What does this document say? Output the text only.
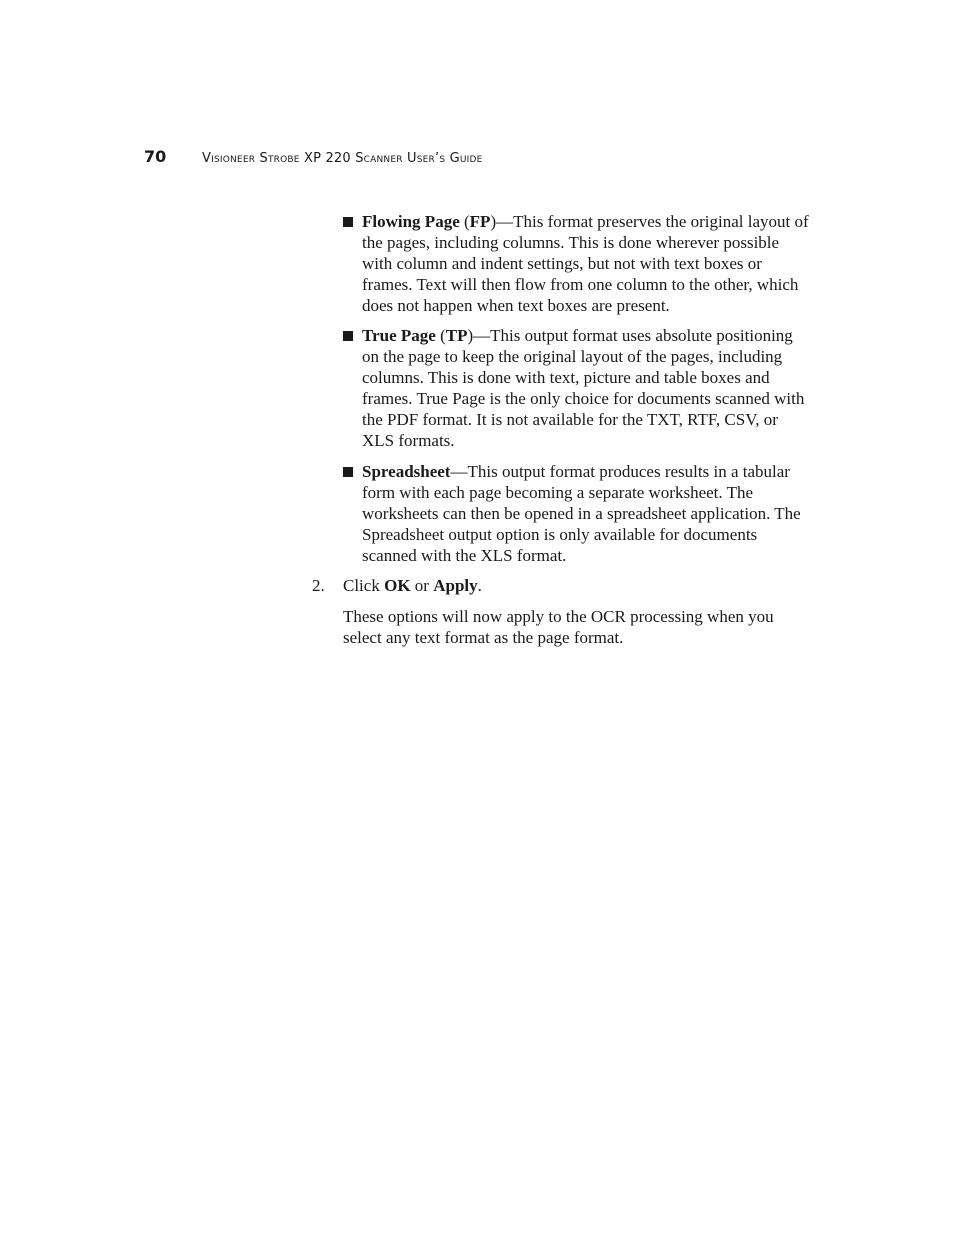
70	Visioneer Strobe XP 220 Scanner User’s Guide
Flowing Page (FP)—This format preserves the original layout of the pages, including columns. This is done wherever possible with column and indent settings, but not with text boxes or frames. Text will then flow from one column to the other, which does not happen when text boxes are present.
True Page (TP)—This output format uses absolute positioning on the page to keep the original layout of the pages, including columns. This is done with text, picture and table boxes and frames. True Page is the only choice for documents scanned with the PDF format. It is not available for the TXT, RTF, CSV, or XLS formats.
Spreadsheet—This output format produces results in a tabular form with each page becoming a separate worksheet. The worksheets can then be opened in a spreadsheet application. The Spreadsheet output option is only available for documents scanned with the XLS format.
2. Click OK or Apply.
These options will now apply to the OCR processing when you select any text format as the page format.
